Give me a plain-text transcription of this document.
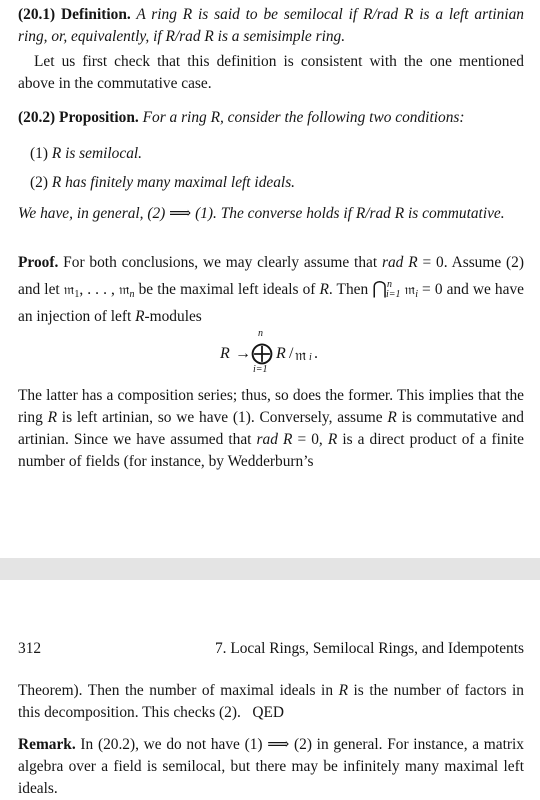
(20.1) Definition. A ring R is said to be semilocal if R/rad R is a left artinian ring, or, equivalently, if R/rad R is a semisimple ring.
Let us first check that this definition is consistent with the one mentioned above in the commutative case.
(20.2) Proposition. For a ring R, consider the following two conditions:
(1) R is semilocal.
(2) R has finitely many maximal left ideals.
We have, in general, (2) ⟹ (1). The converse holds if R/rad R is commutative.
Proof. For both conclusions, we may clearly assume that rad R = 0. Assume (2) and let 𝔪1, . . . , 𝔪n be the maximal left ideals of R. Then ⋂$^n$i=1 𝔪i = 0 and we have an injection of left R-modules
R →
n
⨁
i=1
R / 𝔪 i .
The latter has a composition series; thus, so does the former. This implies that the ring R is left artinian, so we have (1). Conversely, assume R is commutative and artinian. Since we have assumed that rad R = 0, R is a direct product of a finite number of fields (for instance, by Wedderburn’s
312	7. Local Rings, Semilocal Rings, and Idempotents
Theorem). Then the number of maximal ideals in R is the number of factors in this decomposition. This checks (2). QED
Remark. In (20.2), we do not have (1) ⟹ (2) in general. For instance, a matrix algebra over a field is semilocal, but there may be infinitely many maximal left ideals.
